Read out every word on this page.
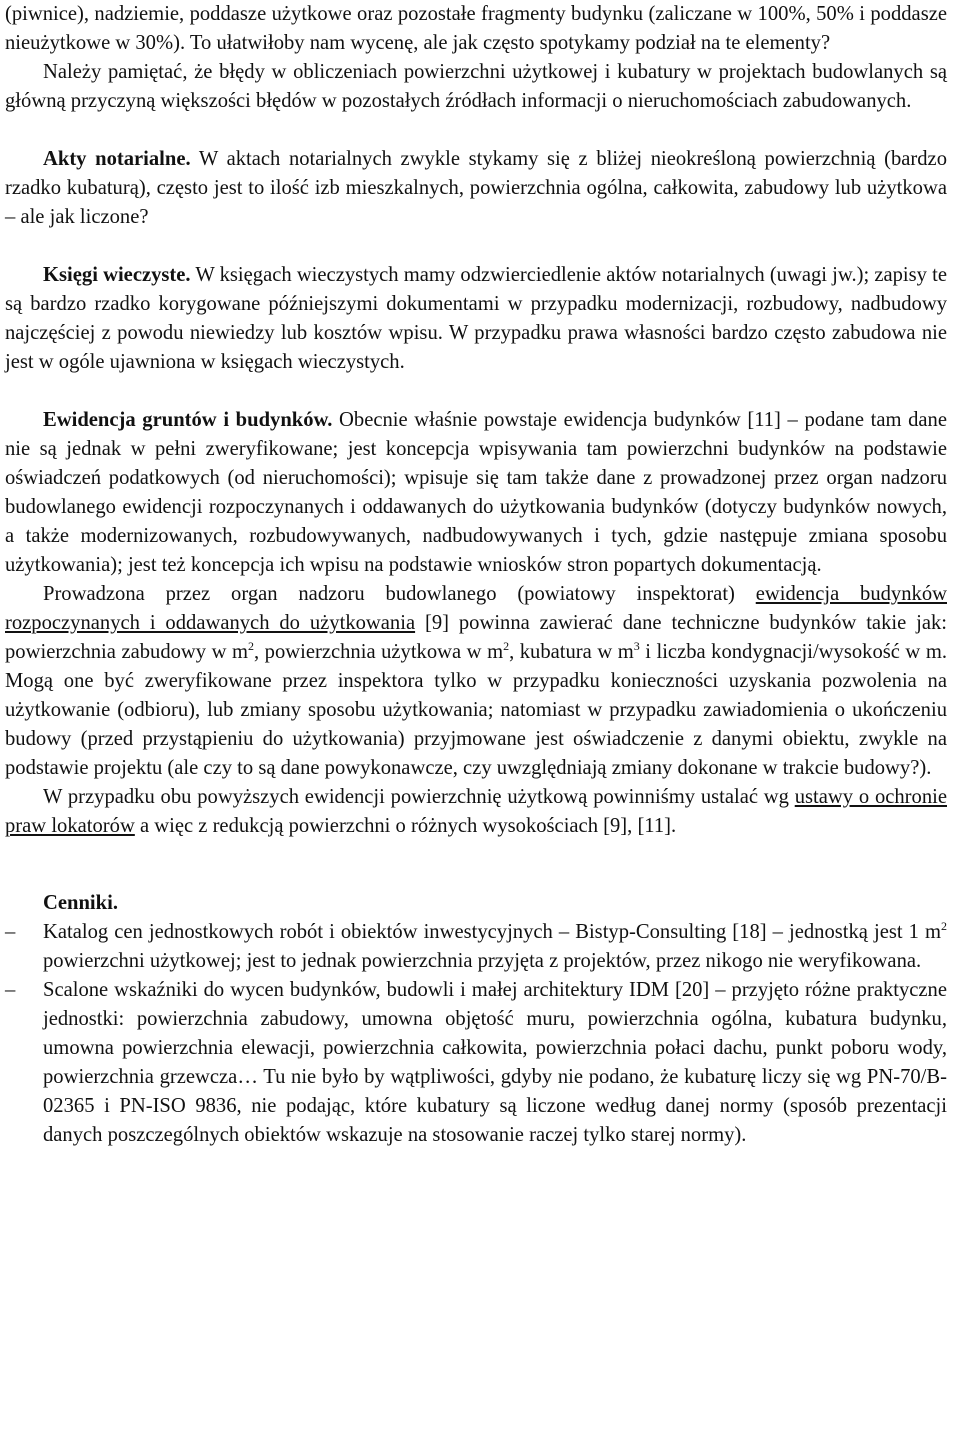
(piwnice), nadziemie, poddasze użytkowe oraz pozostałe fragmenty budynku (zaliczane w 100%, 50% i poddasze nieużytkowe w 30%). To ułatwiłoby nam wycenę, ale jak często spotykamy podział na te elementy?

Należy pamiętać, że błędy w obliczeniach powierzchni użytkowej i kubatury w projektach budowlanych są główną przyczyną większości błędów w pozostałych źródłach informacji o nieruchomościach zabudowanych.

Akty notarialne. W aktach notarialnych zwykle stykamy się z bliżej nieokreśloną powierzchnią (bardzo rzadko kubaturą), często jest to ilość izb mieszkalnych, powierzchnia ogólna, całkowita, zabudowy lub użytkowa – ale jak liczone?

Księgi wieczyste. W księgach wieczystych mamy odzwierciedlenie aktów notarialnych (uwagi jw.); zapisy te są bardzo rzadko korygowane późniejszymi dokumentami w przypadku modernizacji, rozbudowy, nadbudowy najczęściej z powodu niewiedzy lub kosztów wpisu. W przypadku prawa własności bardzo często zabudowa nie jest w ogóle ujawniona w księgach wieczystych.

Ewidencja gruntów i budynków. Obecnie właśnie powstaje ewidencja budynków [11] – podane tam dane nie są jednak w pełni zweryfikowane; jest koncepcja wpisywania tam powierzchni budynków na podstawie oświadczeń podatkowych (od nieruchomości); wpisuje się tam także dane z prowadzonej przez organ nadzoru budowlanego ewidencji rozpoczynanych i oddawanych do użytkowania budynków (dotyczy budynków nowych, a także modernizowanych, rozbudowywanych, nadbudowywanych i tych, gdzie następuje zmiana sposobu użytkowania); jest też koncepcja ich wpisu na podstawie wniosków stron popartych dokumentacją.

Prowadzona przez organ nadzoru budowlanego (powiatowy inspektorat) ewidencja budynków rozpoczynanych i oddawanych do użytkowania [9] powinna zawierać dane techniczne budynków takie jak: powierzchnia zabudowy w $m^2$, powierzchnia użytkowa w $m^2$, kubatura w $m^3$ i liczba kondygnacji/wysokość w m. Mogą one być zweryfikowane przez inspektora tylko w przypadku konieczności uzyskania pozwolenia na użytkowanie (odbioru), lub zmiany sposobu użytkowania; natomiast w przypadku zawiadomienia o ukończeniu budowy (przed przystąpieniu do użytkowania) przyjmowane jest oświadczenie z danymi obiektu, zwykle na podstawie projektu (ale czy to są dane powykonawcze, czy uwzględniają zmiany dokonane w trakcie budowy?).

W przypadku obu powyższych ewidencji powierzchnię użytkową powinniśmy ustalać wg ustawy o ochronie praw lokatorów a więc z redukcją powierzchni o różnych wysokościach [9], [11].

Cenniki.

–	Katalog cen jednostkowych robót i obiektów inwestycyjnych – Bistyp-Consulting [18] – jednostką jest 1 $m^2$ powierzchni użytkowej; jest to jednak powierzchnia przyjęta z projektów, przez nikogo nie weryfikowana.
–	Scalone wskaźniki do wycen budynków, budowli i małej architektury IDM [20] – przyjęto różne praktyczne jednostki: powierzchnia zabudowy, umowna objętość muru, powierzchnia ogólna, kubatura budynku, umowna powierzchnia elewacji, powierzchnia całkowita, powierzchnia połaci dachu, punkt poboru wody, powierzchnia grzewcza… Tu nie było by wątpliwości, gdyby nie podano, że kubaturę liczy się wg PN-70/B-02365 i PN-ISO 9836, nie podając, które kubatury są liczone według danej normy (sposób prezentacji danych poszczególnych obiektów wskazuje na stosowanie raczej tylko starej normy).
